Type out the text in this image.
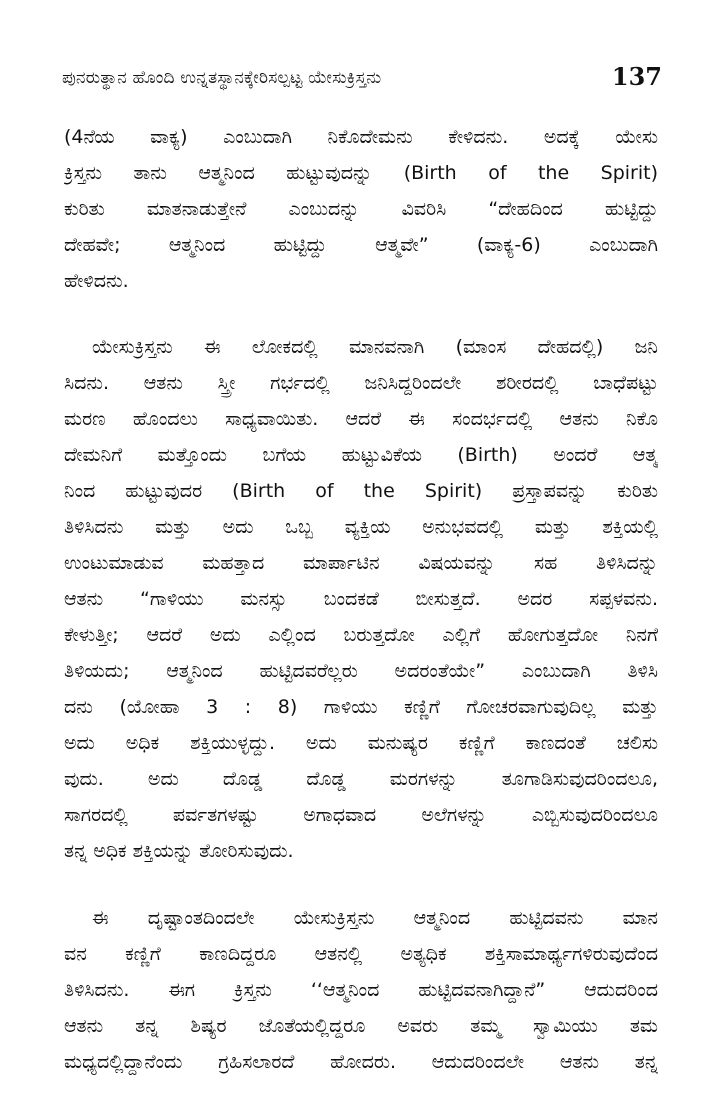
ಪುನರುತ್ಥಾನ ಹೊಂದಿ ಉನ್ನತಸ್ಥಾನಕ್ಕೇರಿಸಲ್ಪಟ್ಟ ಯೇಸುಕ್ರಿಸ್ತನು	137
(4ನೆಯ ವಾಕ್ಯ) ಎಂಬುದಾಗಿ ನಿಕೊದೇಮನು ಕೇಳಿದನು. ಅದಕ್ಕೆ ಯೇಸು
ಕ್ರಿಸ್ತನು ತಾನು ಆತ್ಮನಿಂದ ಹುಟ್ಟುವುದನ್ನು (Birth of the Spirit)
ಕುರಿತು ಮಾತನಾಡುತ್ತೇನೆ ಎಂಬುದನ್ನು ವಿವರಿಸಿ “ದೇಹದಿಂದ ಹುಟ್ಟಿದ್ದು
ದೇಹವೇ; ಆತ್ಮನಿಂದ ಹುಟ್ಟಿದ್ದು ಆತ್ಮವೇ” (ವಾಕ್ಯ-6) ಎಂಬುದಾಗಿ
ಹೇಳಿದನು.
ಯೇಸುಕ್ರಿಸ್ತನು ಈ ಲೋಕದಲ್ಲಿ ಮಾನವನಾಗಿ (ಮಾಂಸ ದೇಹದಲ್ಲಿ) ಜನಿ
ಸಿದನು. ಆತನು ಸ್ತ್ರೀ ಗರ್ಭದಲ್ಲಿ ಜನಿಸಿದ್ದರಿಂದಲೇ ಶರೀರದಲ್ಲಿ ಬಾಧೆಪಟ್ಟು
ಮರಣ ಹೊಂದಲು ಸಾಧ್ಯವಾಯಿತು. ಆದರೆ ಈ ಸಂದರ್ಭದಲ್ಲಿ ಆತನು ನಿಕೊ
ದೇಮನಿಗೆ ಮತ್ತೊಂದು ಬಗೆಯ ಹುಟ್ಟುವಿಕೆಯ (Birth) ಅಂದರೆ ಆತ್ಮ
ನಿಂದ ಹುಟ್ಟುವುದರ (Birth of the Spirit) ಪ್ರಸ್ತಾಪವನ್ನು ಕುರಿತು
ತಿಳಿಸಿದನು ಮತ್ತು ಅದು ಒಬ್ಬ ವ್ಯಕ್ತಿಯ ಅನುಭವದಲ್ಲಿ ಮತ್ತು ಶಕ್ತಿಯಲ್ಲಿ
ಉಂಟುಮಾಡುವ ಮಹತ್ತಾದ ಮಾರ್ಪಾಟಿನ ವಿಷಯವನ್ನು ಸಹ ತಿಳಿಸಿದನ್ನು
ಆತನು “ಗಾಳಿಯು ಮನಸ್ಸು ಬಂದಕಡೆ ಬೀಸುತ್ತದೆ. ಅದರ ಸಪ್ಪಳವನು.
ಕೇಳುತ್ತೀ; ಆದರೆ ಅದು ಎಲ್ಲಿಂದ ಬರುತ್ತದೋ ಎಲ್ಲಿಗೆ ಹೋಗುತ್ತದೋ ನಿನಗೆ
ತಿಳಿಯದು; ಆತ್ಮನಿಂದ ಹುಟ್ಟಿದವರೆಲ್ಲರು ಅದರಂತೆಯೇ” ಎಂಬುದಾಗಿ ತಿಳಿಸಿ
ದನು (ಯೋಹಾ 3 : 8) ಗಾಳಿಯು ಕಣ್ಣಿಗೆ ಗೋಚರವಾಗುವುದಿಲ್ಲ ಮತ್ತು
ಅದು ಅಧಿಕ ಶಕ್ತಿಯುಳ್ಳದ್ದು. ಅದು ಮನುಷ್ಯರ ಕಣ್ಣಿಗೆ ಕಾಣದಂತೆ ಚಲಿಸು
ವುದು. ಅದು ದೊಡ್ಡ ದೊಡ್ಡ ಮರಗಳನ್ನು ತೂಗಾಡಿಸುವುದರಿಂದಲೂ,
ಸಾಗರದಲ್ಲಿ ಪರ್ವತಗಳಷ್ಟು ಅಗಾಧವಾದ ಅಲೆಗಳನ್ನು ಎಬ್ಬಿಸುವುದರಿಂದಲೂ
ತನ್ನ ಅಧಿಕ ಶಕ್ತಿಯನ್ನು ತೋರಿಸುವುದು.
ಈ ದೃಷ್ಟಾಂತದಿಂದಲೇ ಯೇಸುಕ್ರಿಸ್ತನು ಆತ್ಮನಿಂದ ಹುಟ್ಟಿದವನು ಮಾನ
ವನ ಕಣ್ಣಿಗೆ ಕಾಣದಿದ್ದರೂ ಆತನಲ್ಲಿ ಅತ್ಯಧಿಕ ಶಕ್ತಿಸಾಮಾರ್ಥ್ಯಗಳಿರುವುದೆಂದ
ತಿಳಿಸಿದನು. ಈಗ ಕ್ರಿಸ್ತನು ‘‘ಆತ್ಮನಿಂದ ಹುಟ್ಟಿದವನಾಗಿದ್ದಾನೆ” ಆದುದರಿಂದ
ಆತನು ತನ್ನ ಶಿಷ್ಯರ ಜೊತೆಯಲ್ಲಿದ್ದರೂ ಅವರು ತಮ್ಮ ಸ್ವಾಮಿಯು ತಮ
ಮಧ್ಯದಲ್ಲಿದ್ದಾನೆಂದು ಗ್ರಹಿಸಲಾರದೆ ಹೋದರು. ಆದುದರಿಂದಲೇ ಆತನು ತನ್ನ
